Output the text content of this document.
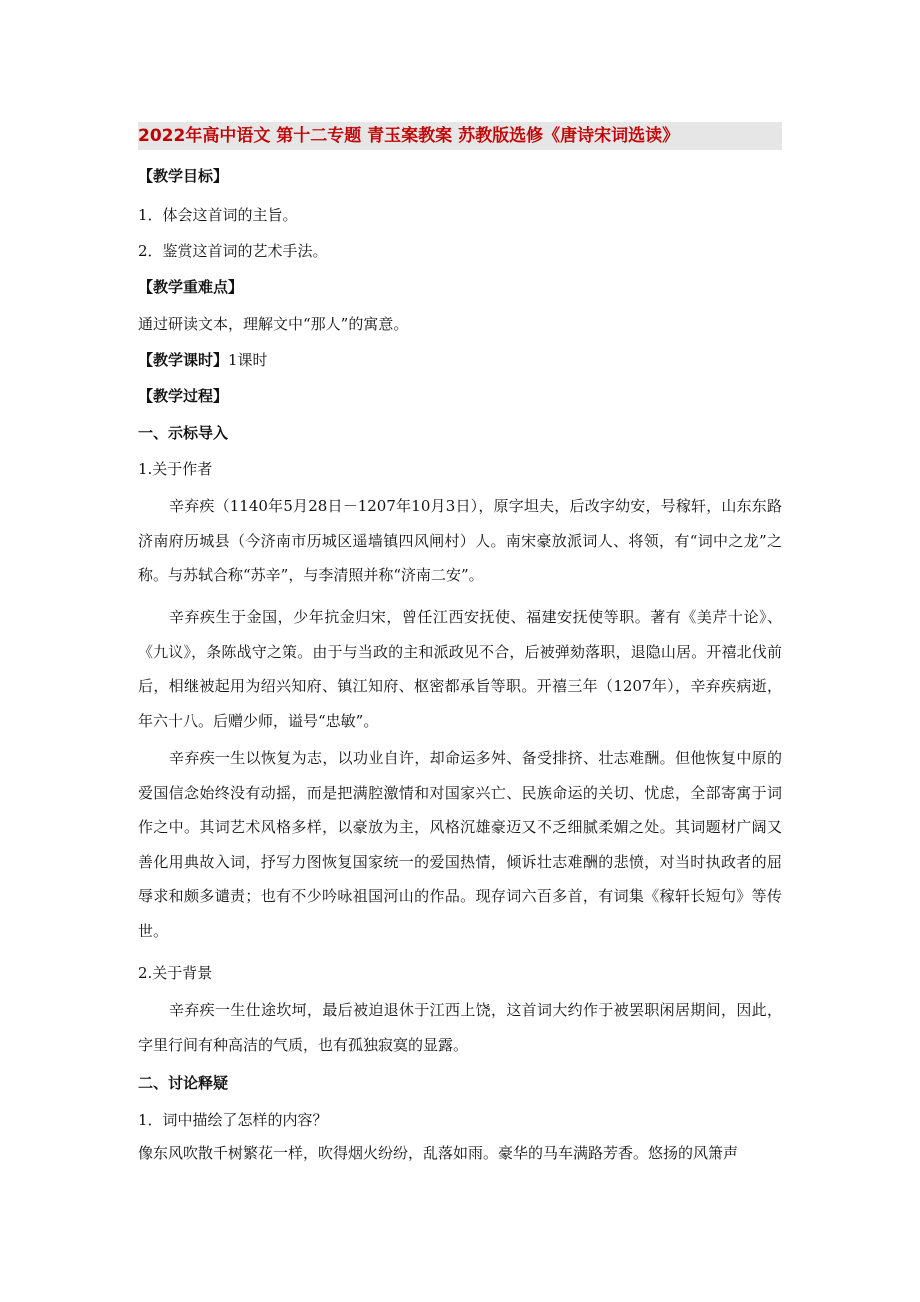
2022年高中语文 第十二专题 青玉案教案 苏教版选修《唐诗宋词选读》
【教学目标】
1．体会这首词的主旨。
2．鉴赏这首词的艺术手法。
【教学重难点】
通过研读文本，理解文中“那人”的寓意。
【教学课时】1课时
【教学过程】
一、示标导入
1.关于作者
辛弃疾（1140年5月28日－1207年10月3日），原字坦夫，后改字幼安，号稼轩，山东东路济南府历城县（今济南市历城区遥墙镇四风闸村）人。南宋豪放派词人、将领，有“词中之龙”之称。与苏轼合称“苏辛”，与李清照并称“济南二安”。
辛弃疾生于金国，少年抗金归宋，曾任江西安抚使、福建安抚使等职。著有《美芹十论》、《九议》，条陈战守之策。由于与当政的主和派政见不合，后被弹劾落职，退隐山居。开禧北伐前后，相继被起用为绍兴知府、镇江知府、枢密都承旨等职。开禧三年（1207年），辛弃疾病逝，年六十八。后赠少师，谥号“忠敏”。
辛弃疾一生以恢复为志，以功业自许，却命运多舛、备受排挤、壮志难酬。但他恢复中原的爱国信念始终没有动摇，而是把满腔激情和对国家兴亡、民族命运的关切、忧虑，全部寄寓于词作之中。其词艺术风格多样，以豪放为主，风格沉雄豪迈又不乏细腻柔媚之处。其词题材广阔又善化用典故入词，抒写力图恢复国家统一的爱国热情，倾诉壮志难酬的悲愤，对当时执政者的屈辱求和颇多谴责；也有不少吟咏祖国河山的作品。现存词六百多首，有词集《稼轩长短句》等传世。
2.关于背景
辛弃疾一生仕途坎坷，最后被迫退休于江西上饶，这首词大约作于被罢职闲居期间，因此，字里行间有种高洁的气质，也有孤独寂寞的显露。
二、讨论释疑
1．词中描绘了怎样的内容？
像东风吹散千树繁花一样，吹得烟火纷纷，乱落如雨。豪华的马车满路芳香。悠扬的风箫声
